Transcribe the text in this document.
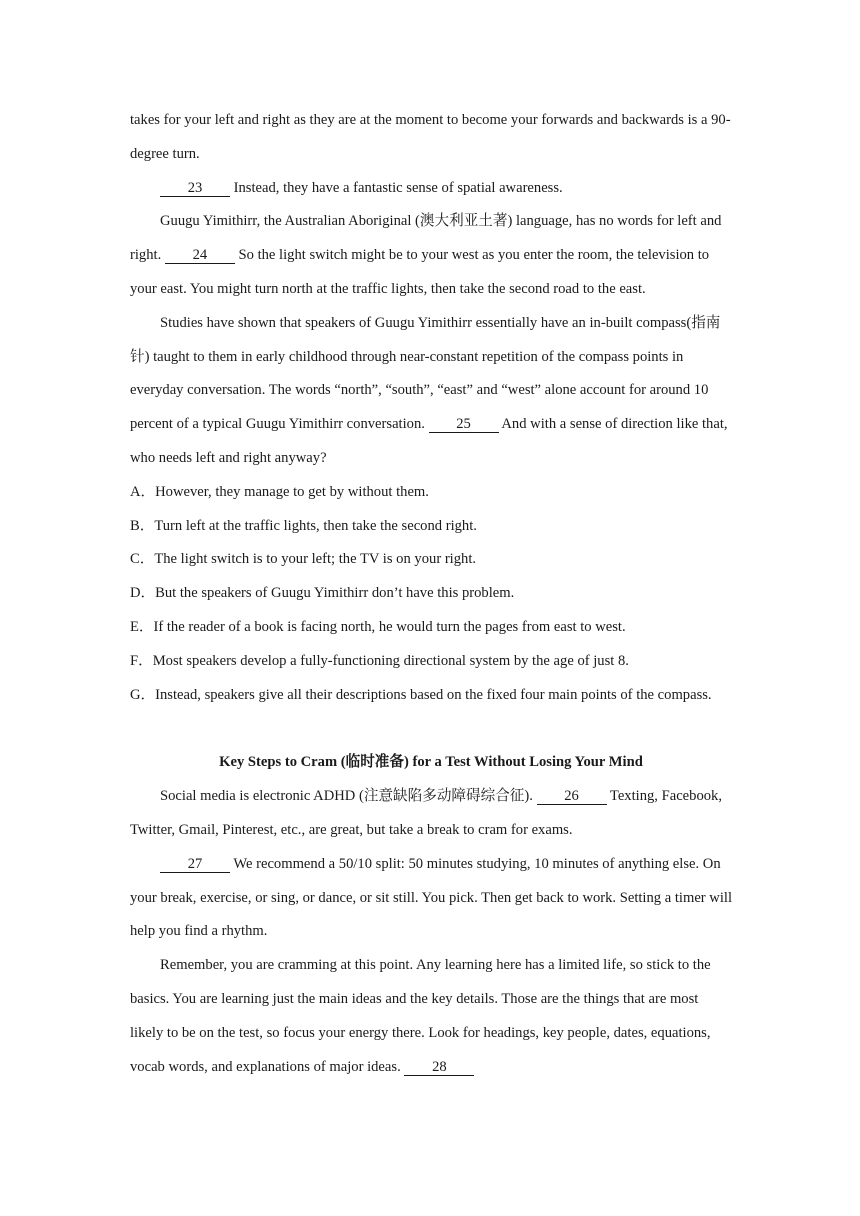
takes for your left and right as they are at the moment to become your forwards and backwards is a 90-degree turn.

23 Instead, they have a fantastic sense of spatial awareness.

Guugu Yimithirr, the Australian Aboriginal (澳大利亚土著) language, has no words for left and right. 24 So the light switch might be to your west as you enter the room, the television to your east. You might turn north at the traffic lights, then take the second road to the east.

Studies have shown that speakers of Guugu Yimithirr essentially have an in-built compass(指南针) taught to them in early childhood through near-constant repetition of the compass points in everyday conversation. The words “north”, “south”, “east” and “west” alone account for around 10 percent of a typical Guugu Yimithirr conversation. 25 And with a sense of direction like that, who needs left and right anyway?

A．However, they manage to get by without them.

B．Turn left at the traffic lights, then take the second right.

C．The light switch is to your left; the TV is on your right.

D．But the speakers of Guugu Yimithirr don’t have this problem.

E．If the reader of a book is facing north, he would turn the pages from east to west.

F．Most speakers develop a fully-functioning directional system by the age of just 8.

G．Instead, speakers give all their descriptions based on the fixed four main points of the compass.

Key Steps to Cram (临时准备) for a Test Without Losing Your Mind

Social media is electronic ADHD (注意缺陷多动障碍综合征). 26 Texting, Facebook, Twitter, Gmail, Pinterest, etc., are great, but take a break to cram for exams.

27 We recommend a 50/10 split: 50 minutes studying, 10 minutes of anything else. On your break, exercise, or sing, or dance, or sit still. You pick. Then get back to work. Setting a timer will help you find a rhythm.

Remember, you are cramming at this point. Any learning here has a limited life, so stick to the basics. You are learning just the main ideas and the key details. Those are the things that are most likely to be on the test, so focus your energy there. Look for headings, key people, dates, equations, vocab words, and explanations of major ideas. 28
